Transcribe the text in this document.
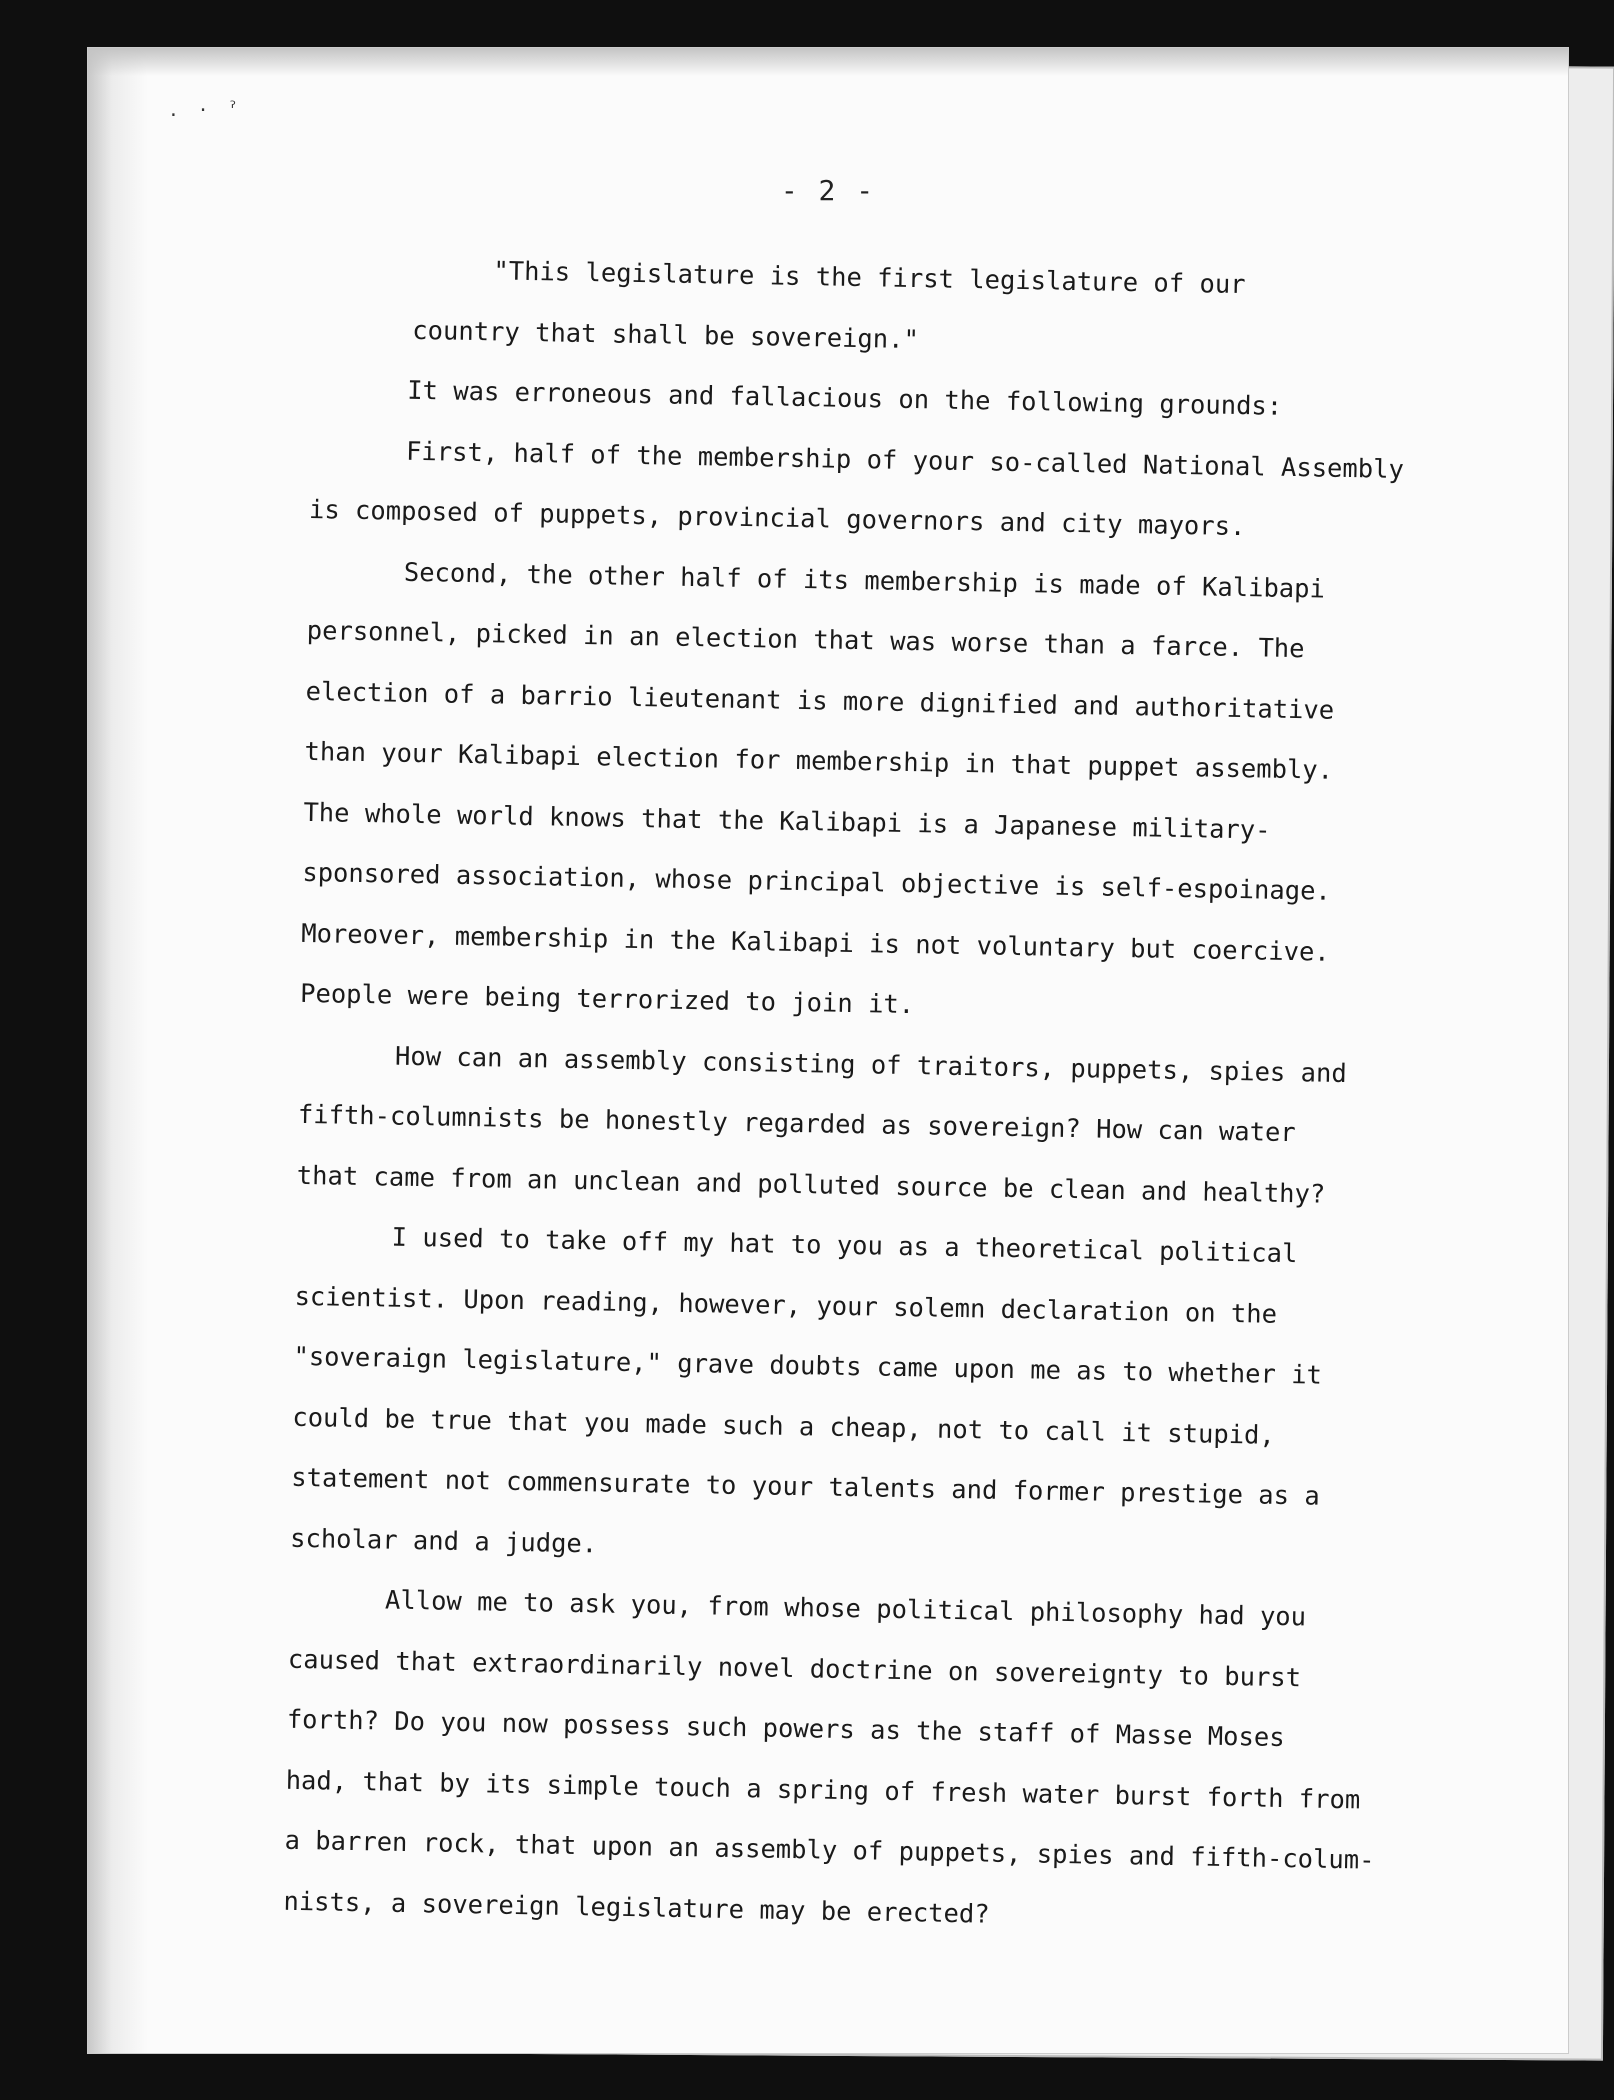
. · ˀ
- 2 -
"This legislature is the first legislature of our
country that shall be sovereign."
It was erroneous and fallacious on the following grounds:
First, half of the membership of your so-called National Assembly
is composed of puppets, provincial governors and city mayors.
Second, the other half of its membership is made of Kalibapi
personnel, picked in an election that was worse than a farce. The
election of a barrio lieutenant is more dignified and authoritative
than your Kalibapi election for membership in that puppet assembly.
The whole world knows that the Kalibapi is a Japanese military-
sponsored association, whose principal objective is self-espoinage.
Moreover, membership in the Kalibapi is not voluntary but coercive.
People were being terrorized to join it.
How can an assembly consisting of traitors, puppets, spies and
fifth-columnists be honestly regarded as sovereign? How can water
that came from an unclean and polluted source be clean and healthy?
I used to take off my hat to you as a theoretical political
scientist. Upon reading, however, your solemn declaration on the
"soveraign legislature," grave doubts came upon me as to whether it
could be true that you made such a cheap, not to call it stupid,
statement not commensurate to your talents and former prestige as a
scholar and a judge.
Allow me to ask you, from whose political philosophy had you
caused that extraordinarily novel doctrine on sovereignty to burst
forth? Do you now possess such powers as the staff of Masse Moses
had, that by its simple touch a spring of fresh water burst forth from
a barren rock, that upon an assembly of puppets, spies and fifth-colum-
nists, a sovereign legislature may be erected?
